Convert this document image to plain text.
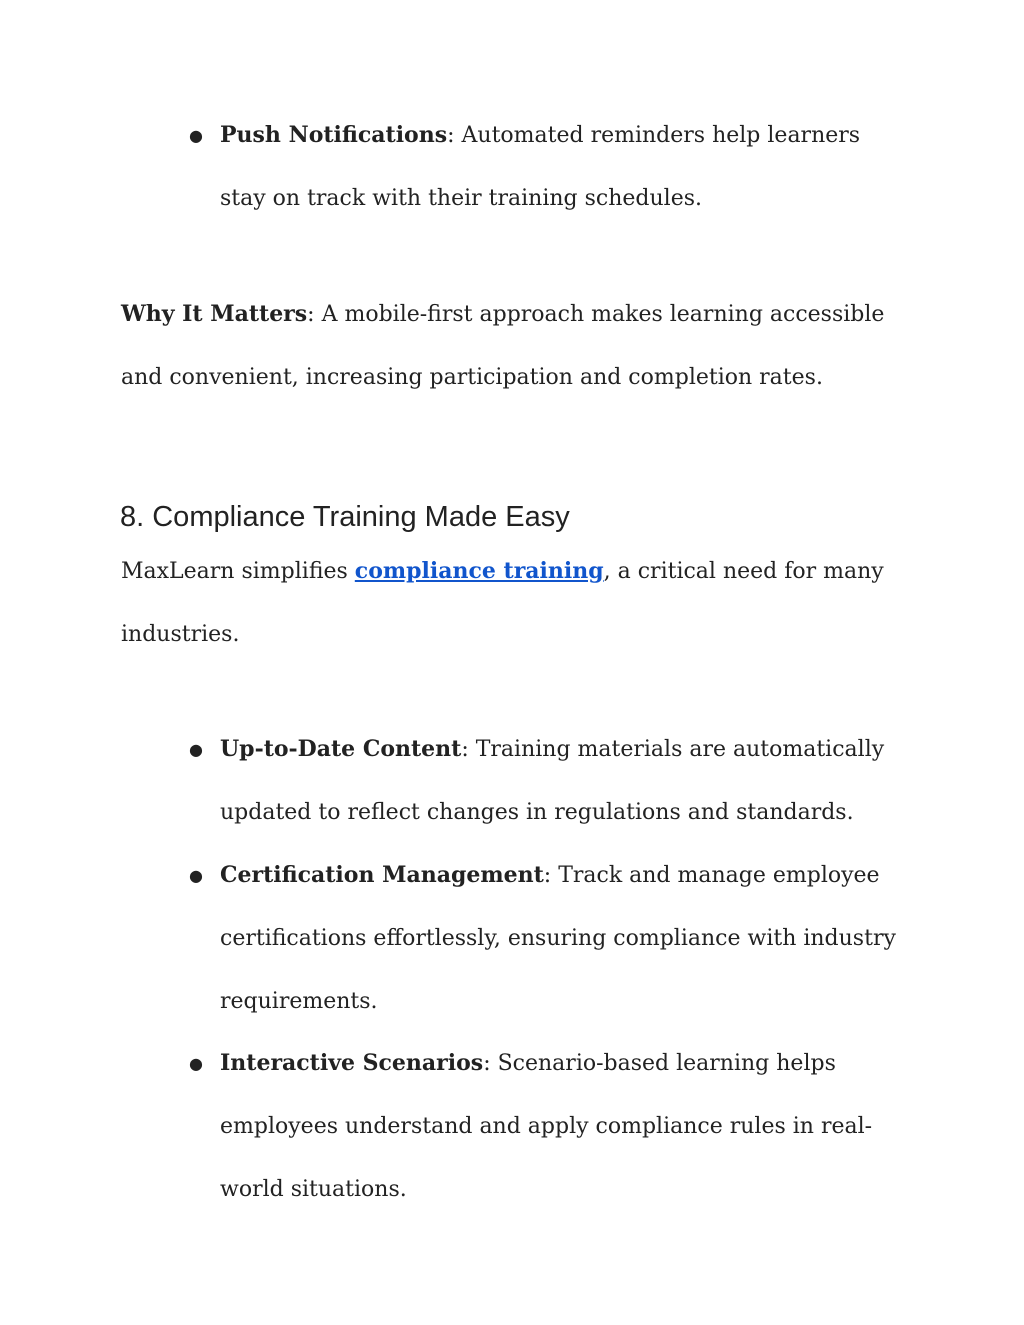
● Push Notifications: Automated reminders help learners stay on track with their training schedules.

Why It Matters: A mobile-first approach makes learning accessible and convenient, increasing participation and completion rates.

8. Compliance Training Made Easy

MaxLearn simplifies compliance training, a critical need for many industries.

● Up-to-Date Content: Training materials are automatically updated to reflect changes in regulations and standards.
● Certification Management: Track and manage employee certifications effortlessly, ensuring compliance with industry requirements.
● Interactive Scenarios: Scenario-based learning helps employees understand and apply compliance rules in real-world situations.
